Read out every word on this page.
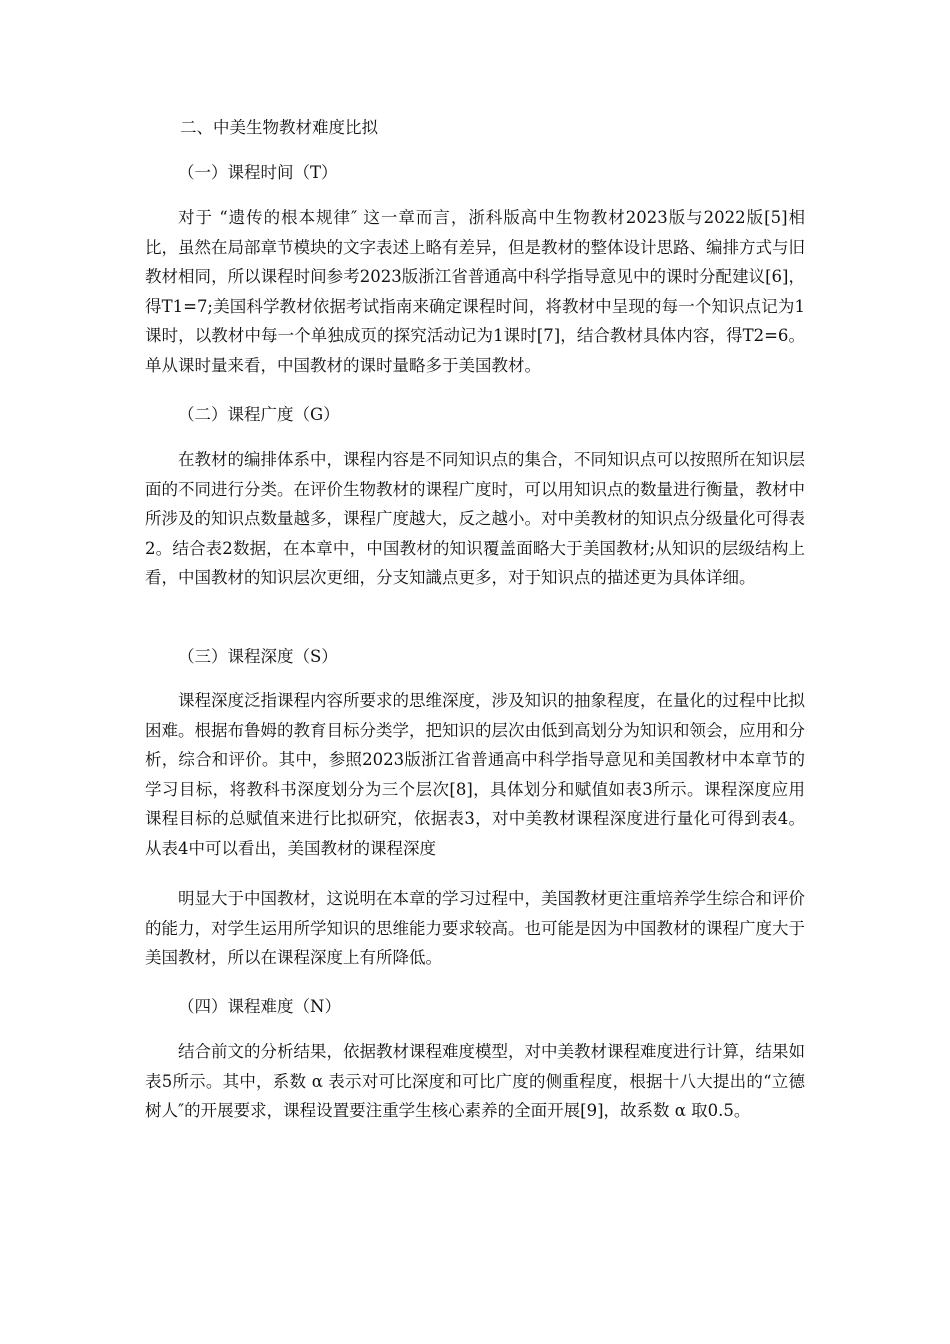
二、中美生物教材难度比拟
（一）课程时间（T）
对于 “遗传的根本规律″ 这一章而言，浙科版高中生物教材2023版与2022版[5]相比，虽然在局部章节模块的文字表述上略有差异，但是教材的整体设计思路、编排方式与旧教材相同，所以课程时间参考2023版浙江省普通高中科学指导意见中的课时分配建议[6]，得T1=7;美国科学教材依据考试指南来确定课程时间，将教材中呈现的每一个知识点记为1课时，以教材中每一个单独成页的探究活动记为1课时[7]，结合教材具体内容，得T2=6。单从课时量来看，中国教材的课时量略多于美国教材。
（二）课程广度（G）
在教材的编排体系中，课程内容是不同知识点的集合，不同知识点可以按照所在知识层面的不同进行分类。在评价生物教材的课程广度时，可以用知识点的数量进行衡量，教材中所涉及的知识点数量越多，课程广度越大，反之越小。对中美教材的知识点分级量化可得表2。结合表2数据，在本章中，中国教材的知识覆盖面略大于美国教材;从知识的层级结构上看，中国教材的知识层次更细，分支知識点更多，对于知识点的描述更为具体详细。
（三）课程深度（S）
课程深度泛指课程内容所要求的思维深度，涉及知识的抽象程度，在量化的过程中比拟困难。根据布鲁姆的教育目标分类学，把知识的层次由低到高划分为知识和领会，应用和分析，综合和评价。其中，参照2023版浙江省普通高中科学指导意见和美国教材中本章节的学习目标，将教科书深度划分为三个层次[8]，具体划分和赋值如表3所示。课程深度应用课程目标的总赋值来进行比拟研究，依据表3，对中美教材课程深度进行量化可得到表4。从表4中可以看出，美国教材的课程深度
明显大于中国教材，这说明在本章的学习过程中，美国教材更注重培养学生综合和评价的能力，对学生运用所学知识的思维能力要求较高。也可能是因为中国教材的课程广度大于美国教材，所以在课程深度上有所降低。
（四）课程难度（N）
结合前文的分析结果，依据教材课程难度模型，对中美教材课程难度进行计算，结果如表5所示。其中，系数 α 表示对可比深度和可比广度的侧重程度，根据十八大提出的“立德树人″的开展要求，课程设置要注重学生核心素养的全面开展[9]，故系数 α 取0.5。
